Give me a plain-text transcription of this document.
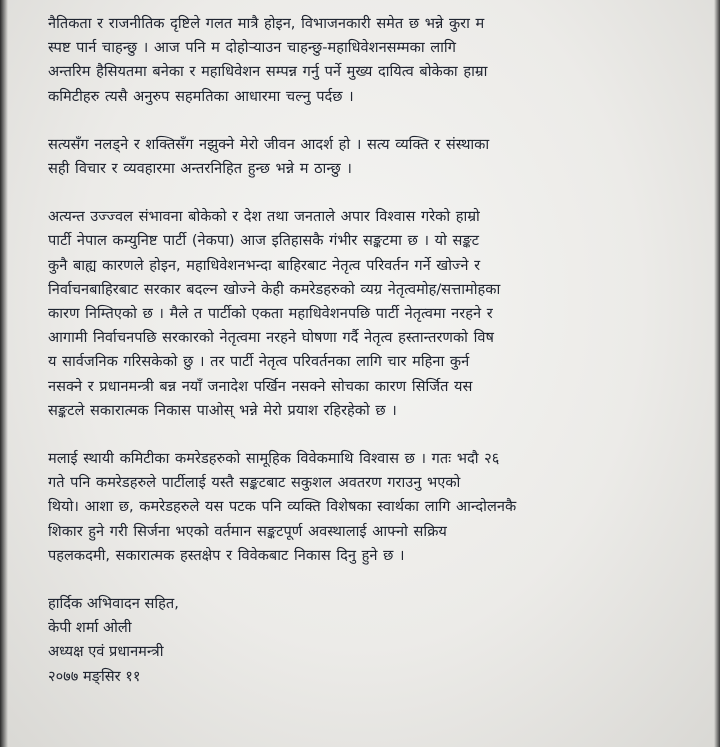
नैतिकता र राजनीतिक दृष्टिले गलत मात्रै होइन, विभाजनकारी समेत छ भन्ने कुरा म
स्पष्ट पार्न चाहन्छु । आज पनि म दोहोऱ्याउन चाहन्छु-महाधिवेशनसम्मका लागि
अन्तरिम हैसियतमा बनेका र महाधिवेशन सम्पन्न गर्नु पर्ने मुख्य दायित्व बोकेका हाम्रा
कमिटीहरु त्यसै अनुरुप सहमतिका आधारमा चल्नु पर्दछ ।

सत्यसँग नलड्ने र शक्तिसँग नझुक्ने मेरो जीवन आदर्श हो । सत्य व्यक्ति र संस्थाका
सही विचार र व्यवहारमा अन्तरनिहित हुन्छ भन्ने म ठान्छु ।

अत्यन्त उज्ज्वल संभावना बोकेको र देश तथा जनताले अपार विश्वास गरेको हाम्रो
पार्टी नेपाल कम्युनिष्ट पार्टी (नेकपा) आज इतिहासकै गंभीर सङ्कटमा छ । यो सङ्कट
कुनै बाह्य कारणले होइन, महाधिवेशनभन्दा बाहिरबाट नेतृत्व परिवर्तन गर्ने खोज्ने र
निर्वाचनबाहिरबाट सरकार बदल्न खोज्ने केही कमरेडहरुको व्यग्र नेतृत्वमोह/सत्तामोहका
कारण निम्तिएको छ । मैले त पार्टीको एकता महाधिवेशनपछि पार्टी नेतृत्वमा नरहने र
आगामी निर्वाचनपछि सरकारको नेतृत्वमा नरहने घोषणा गर्दै नेतृत्व हस्तान्तरणको विष
य सार्वजनिक गरिसकेको छु । तर पार्टी नेतृत्व परिवर्तनका लागि चार महिना कुर्न
नसक्ने र प्रधानमन्त्री बन्न नयाँ जनादेश पर्खिन नसक्ने सोचका कारण सिर्जित यस
सङ्कटले सकारात्मक निकास पाओस् भन्ने मेरो प्रयाश रहिरहेको छ ।

मलाई स्थायी कमिटीका कमरेडहरुको सामूहिक विवेकमाथि विश्वास छ । गतः भदौ २६
गते पनि कमरेडहरुले पार्टीलाई यस्तै सङ्कटबाट सकुशल अवतरण गराउनु भएको
थियो। आशा छ, कमरेडहरुले यस पटक पनि व्यक्ति विशेषका स्वार्थका लागि आन्दोलनकै
शिकार हुने गरी सिर्जना भएको वर्तमान सङ्कटपूर्ण अवस्थालाई आफ्नो सक्रिय
पहलकदमी, सकारात्मक हस्तक्षेप र विवेकबाट निकास दिनु हुने छ ।

हार्दिक अभिवादन सहित,
केपी शर्मा ओली
अध्यक्ष एवं प्रधानमन्त्री
२०७७ मङ्सिर ११
